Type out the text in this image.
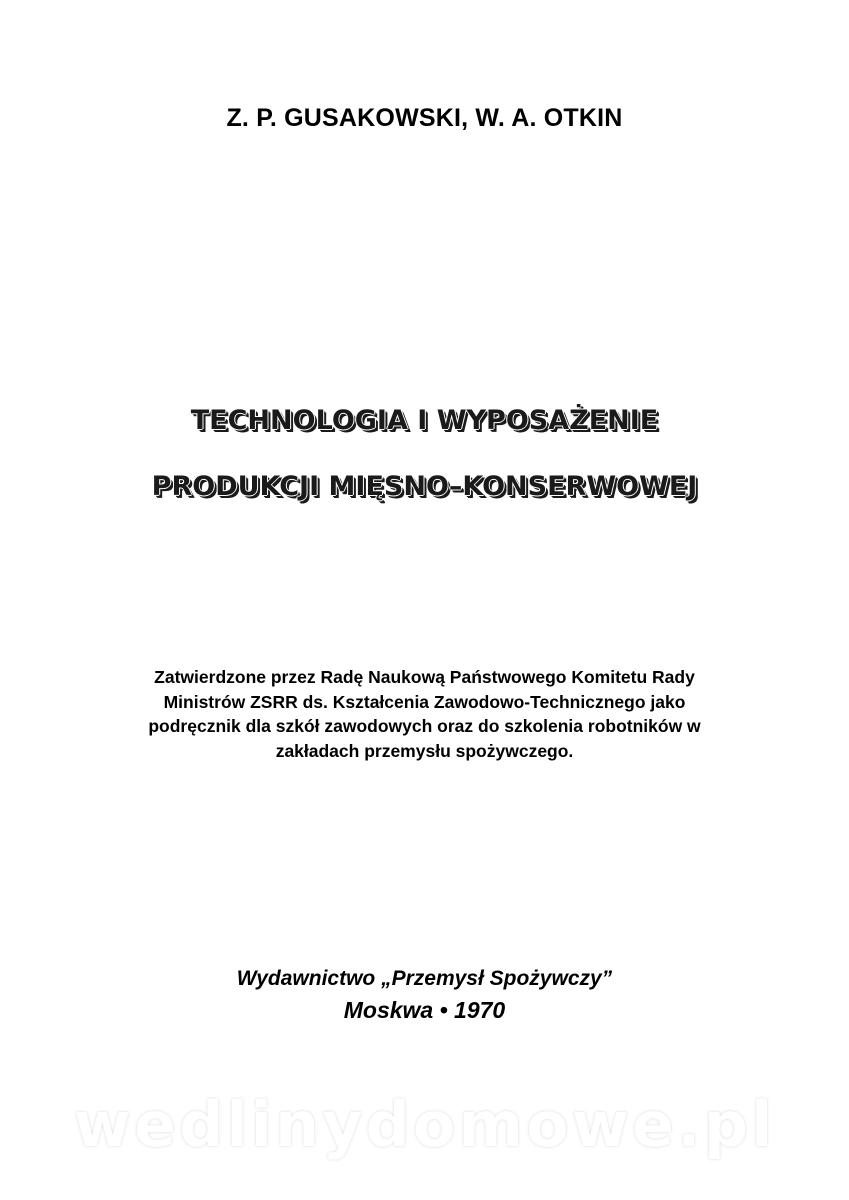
Z. P. GUSAKOWSKI, W. A. OTKIN
TECHNOLOGIA I WYPOSAŻENIE
PRODUKCJI MIĘSNO–KONSERWOWEJ
Zatwierdzone przez Radę Naukową Państwowego Komitetu Rady
Ministrów ZSRR ds. Kształcenia Zawodowo-Technicznego jako
podręcznik dla szkół zawodowych oraz do szkolenia robotników w
zakładach przemysłu spożywczego.
Wydawnictwo „Przemysł Spożywczy”
Moskwa • 1970
wedlinydomowe.pl
